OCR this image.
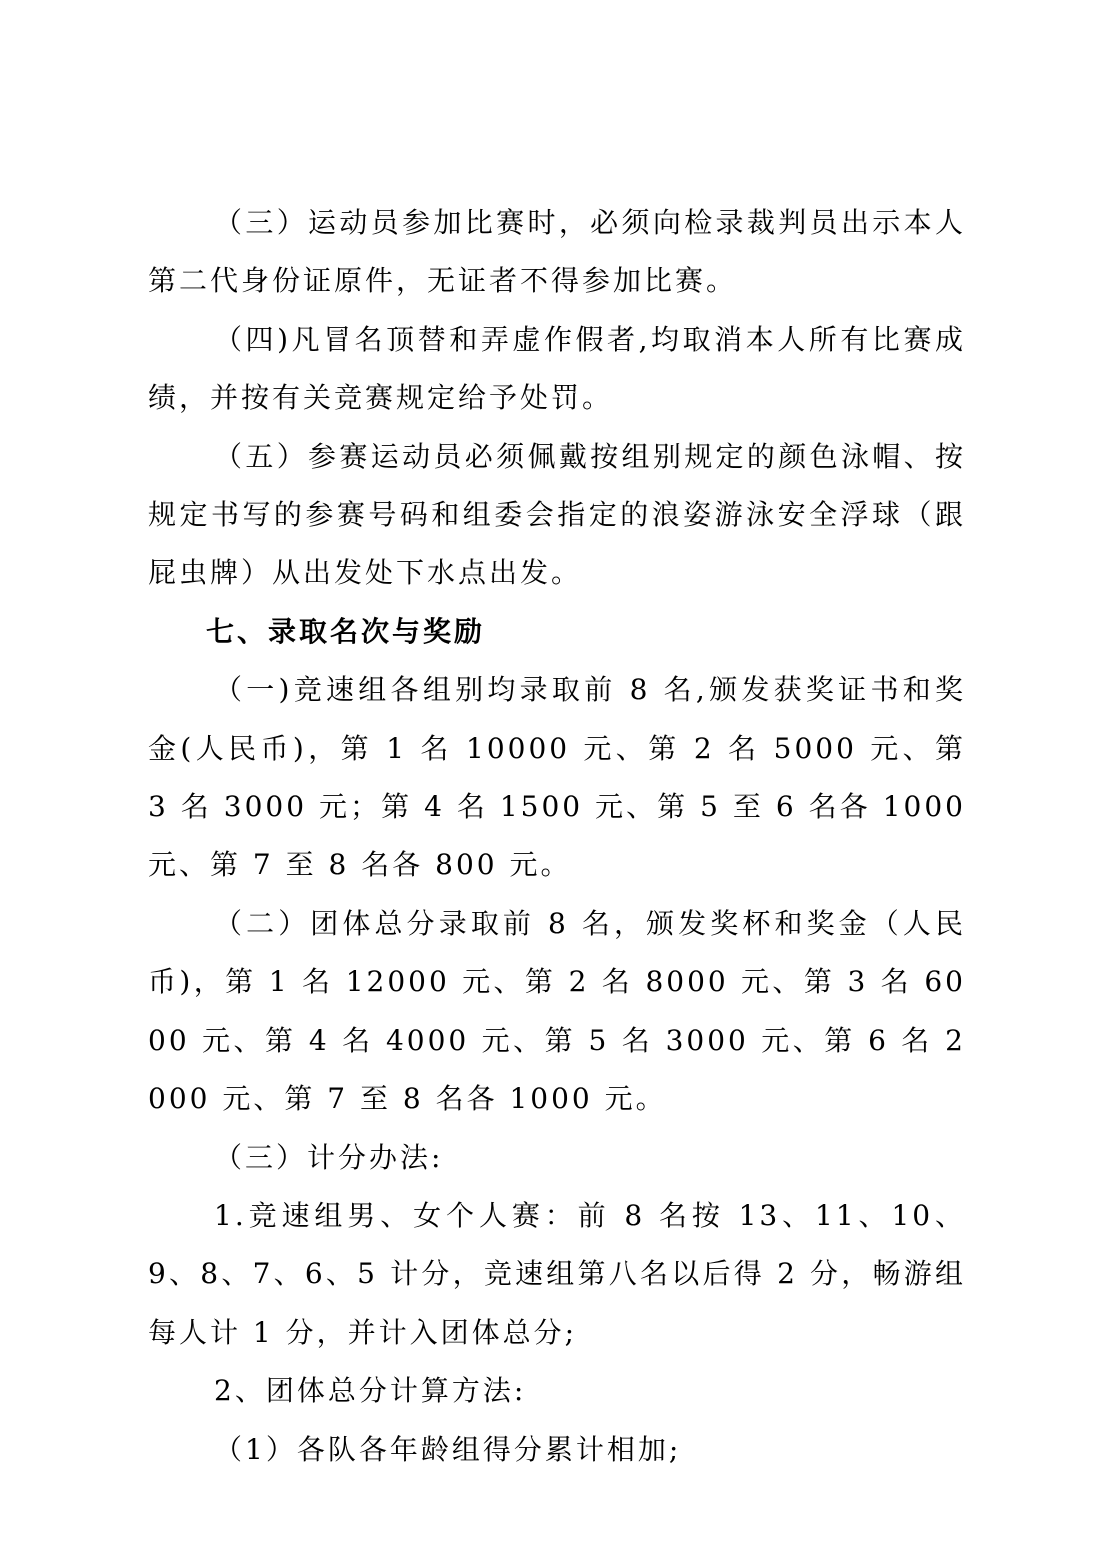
（三）运动员参加比赛时，必须向检录裁判员出示本人第二代身份证原件，无证者不得参加比赛。

（四)凡冒名顶替和弄虚作假者,均取消本人所有比赛成绩，并按有关竞赛规定给予处罚。

（五）参赛运动员必须佩戴按组别规定的颜色泳帽、按规定书写的参赛号码和组委会指定的浪姿游泳安全浮球（跟屁虫牌）从出发处下水点出发。

七、录取名次与奖励

（一)竞速组各组别均录取前 8 名,颁发获奖证书和奖金(人民币)，第 1 名 10000 元、第 2 名 5000 元、第 3 名 3000 元；第 4 名 1500 元、第 5 至 6 名各 1000 元、第 7 至 8 名各 800 元。

（二）团体总分录取前 8 名，颁发奖杯和奖金（人民币)，第 1 名 12000 元、第 2 名 8000 元、第 3 名 6000 元、第 4 名 4000 元、第 5 名 3000 元、第 6 名 2000 元、第 7 至 8 名各 1000 元。

（三）计分办法:

1.竞速组男、女个人赛：前 8 名按 13、11、10、9、8、7、6、5 计分，竞速组第八名以后得 2 分，畅游组每人计 1 分，并计入团体总分;

2、团体总分计算方法:

（1）各队各年龄组得分累计相加;
